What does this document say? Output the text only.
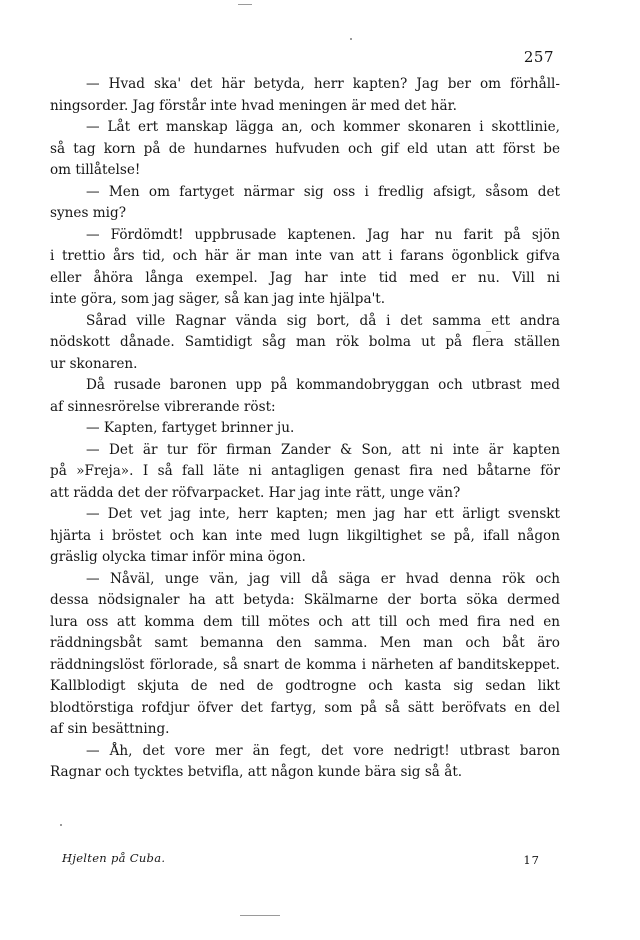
257
— Hvad ska' det här betyda, herr kapten? Jag ber om förhåll-
ningsorder. Jag förstår inte hvad meningen är med det här.
— Låt ert manskap lägga an, och kommer skonaren i skottlinie,
så tag korn på de hundarnes hufvuden och gif eld utan att först be
om tillåtelse!
— Men om fartyget närmar sig oss i fredlig afsigt, såsom det
synes mig?
— Fördömdt! uppbrusade kaptenen. Jag har nu farit på sjön
i trettio års tid, och här är man inte van att i farans ögonblick gifva
eller åhöra långa exempel. Jag har inte tid med er nu. Vill ni
inte göra, som jag säger, så kan jag inte hjälpa't.
Sårad ville Ragnar vända sig bort, då i det samma ett andra
nödskott dånade. Samtidigt såg man rök bolma ut på flera ställen
ur skonaren.
Då rusade baronen upp på kommandobryggan och utbrast med
af sinnesrörelse vibrerande röst:
— Kapten, fartyget brinner ju.
— Det är tur för firman Zander & Son, att ni inte är kapten
på »Freja». I så fall läte ni antagligen genast fira ned båtarne för
att rädda det der röfvarpacket. Har jag inte rätt, unge vän?
— Det vet jag inte, herr kapten; men jag har ett ärligt svenskt
hjärta i bröstet och kan inte med lugn likgiltighet se på, ifall någon
gräslig olycka timar inför mina ögon.
— Nåväl, unge vän, jag vill då säga er hvad denna rök och
dessa nödsignaler ha att betyda: Skälmarne der borta söka dermed
lura oss att komma dem till mötes och att till och med fira ned en
räddningsbåt samt bemanna den samma. Men man och båt äro
räddningslöst förlorade, så snart de komma i närheten af banditskeppet.
Kallblodigt skjuta de ned de godtrogne och kasta sig sedan likt
blodtörstiga rofdjur öfver det fartyg, som på så sätt beröfvats en del
af sin besättning.
— Åh, det vore mer än fegt, det vore nedrigt! utbrast baron
Ragnar och tycktes betvifla, att någon kunde bära sig så åt.
Hjelten på Cuba.	17
